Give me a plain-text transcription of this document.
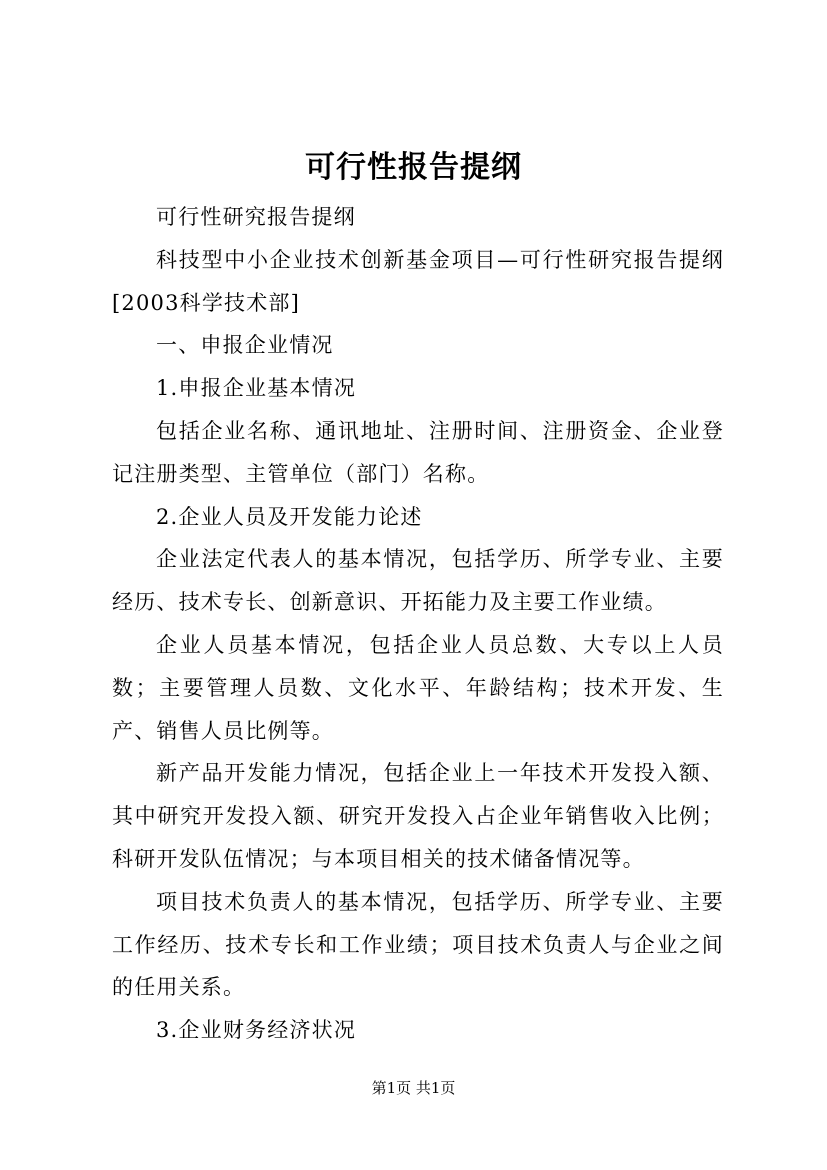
可行性报告提纲

可行性研究报告提纲

科技型中小企业技术创新基金项目—可行性研究报告提纲[2003科学技术部]

一、申报企业情况

1.申报企业基本情况

包括企业名称、通讯地址、注册时间、注册资金、企业登记注册类型、主管单位（部门）名称。

2.企业人员及开发能力论述

企业法定代表人的基本情况，包括学历、所学专业、主要经历、技术专长、创新意识、开拓能力及主要工作业绩。

企业人员基本情况，包括企业人员总数、大专以上人员数；主要管理人员数、文化水平、年龄结构；技术开发、生产、销售人员比例等。

新产品开发能力情况，包括企业上一年技术开发投入额、其中研究开发投入额、研究开发投入占企业年销售收入比例；科研开发队伍情况；与本项目相关的技术储备情况等。

项目技术负责人的基本情况，包括学历、所学专业、主要工作经历、技术专长和工作业绩；项目技术负责人与企业之间的任用关系。

3.企业财务经济状况

第1页 共1页
